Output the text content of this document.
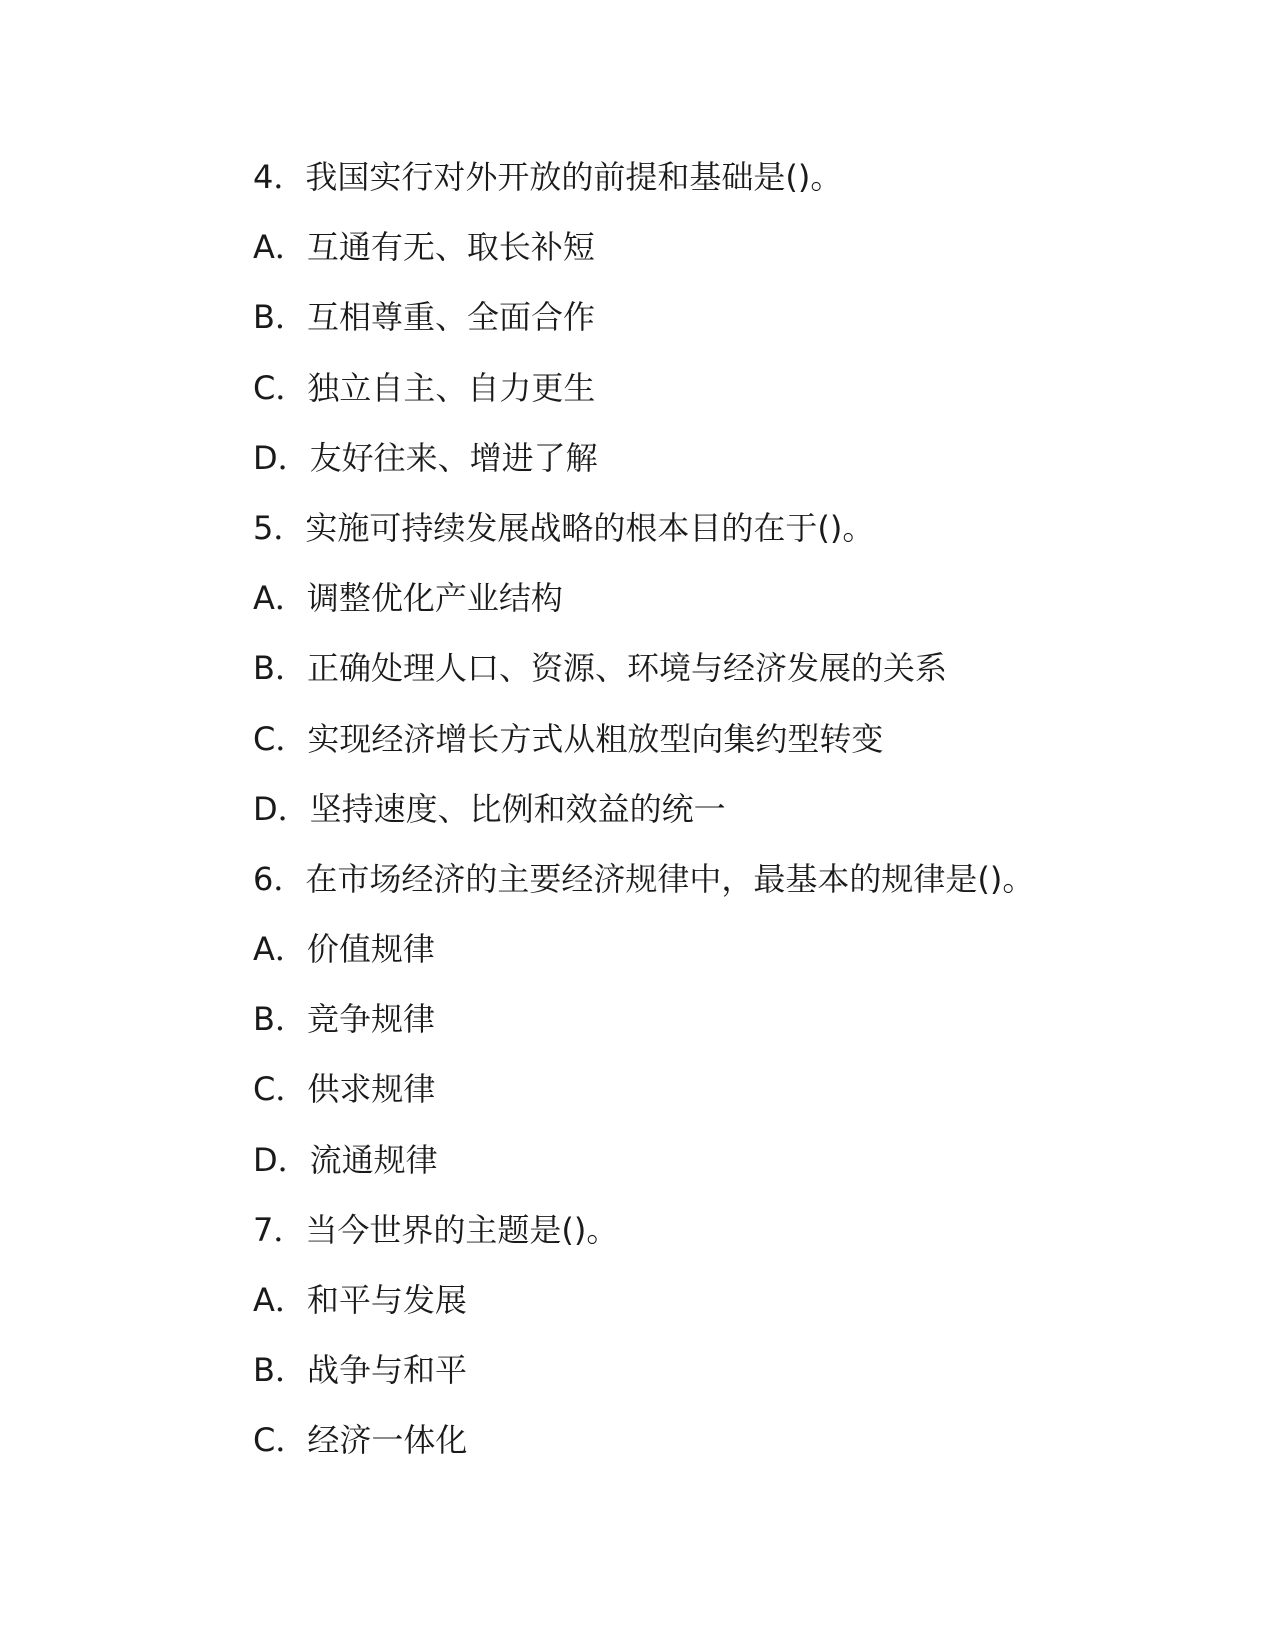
4．我国实行对外开放的前提和基础是()。
A．互通有无、取长补短
B．互相尊重、全面合作
C．独立自主、自力更生
D．友好往来、增进了解
5．实施可持续发展战略的根本目的在于()。
A．调整优化产业结构
B．正确处理人口、资源、环境与经济发展的关系
C．实现经济增长方式从粗放型向集约型转变
D．坚持速度、比例和效益的统一
6．在市场经济的主要经济规律中，最基本的规律是()。
A．价值规律
B．竞争规律
C．供求规律
D．流通规律
7．当今世界的主题是()。
A．和平与发展
B．战争与和平
C．经济一体化
